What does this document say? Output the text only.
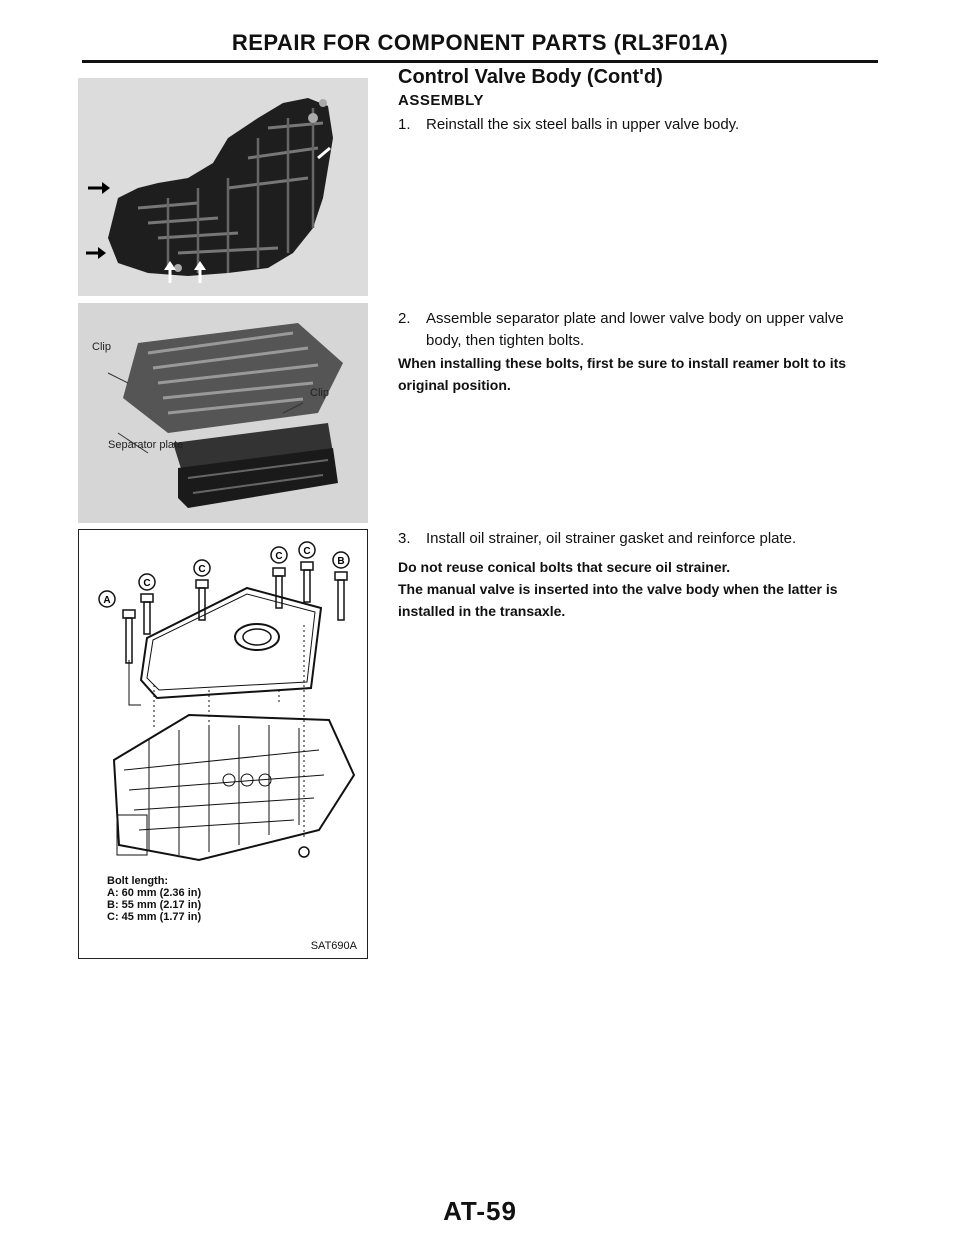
REPAIR FOR COMPONENT PARTS (RL3F01A)
Clip
Clip
Separator plate
A
C
C
C C
B
Bolt length:
A: 60 mm (2.36 in)
B: 55 mm (2.17 in)
C: 45 mm (1.77 in)
SAT690A
Control Valve Body (Cont'd)
ASSEMBLY
1.	Reinstall the six steel balls in upper valve body.
2.	Assemble separator plate and lower valve body on upper valve body, then tighten bolts.
When installing these bolts, first be sure to install reamer bolt to its original position.
3.	Install oil strainer, oil strainer gasket and reinforce plate.
Do not reuse conical bolts that secure oil strainer.
The manual valve is inserted into the valve body when the latter is installed in the transaxle.
AT-59
